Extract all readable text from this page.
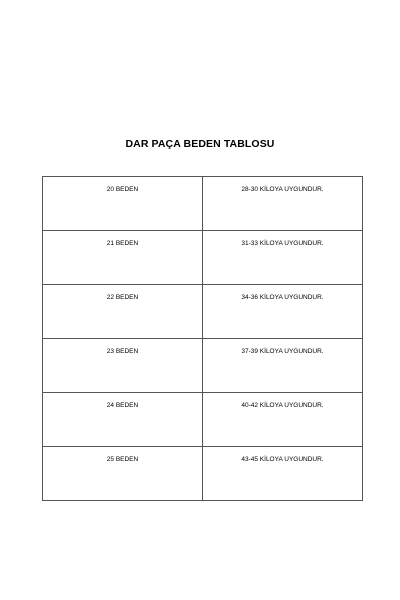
DAR PAÇA BEDEN TABLOSU
20 BEDEN	28-30 KİLOYA UYGUNDUR.
21 BEDEN	31-33 KİLOYA UYGUNDUR.
22 BEDEN	34-36 KİLOYA UYGUNDUR.
23 BEDEN	37-39 KİLOYA UYGUNDUR.
24 BEDEN	40-42 KİLOYA UYGUNDUR.
25 BEDEN	43-45 KİLOYA UYGUNDUR.
